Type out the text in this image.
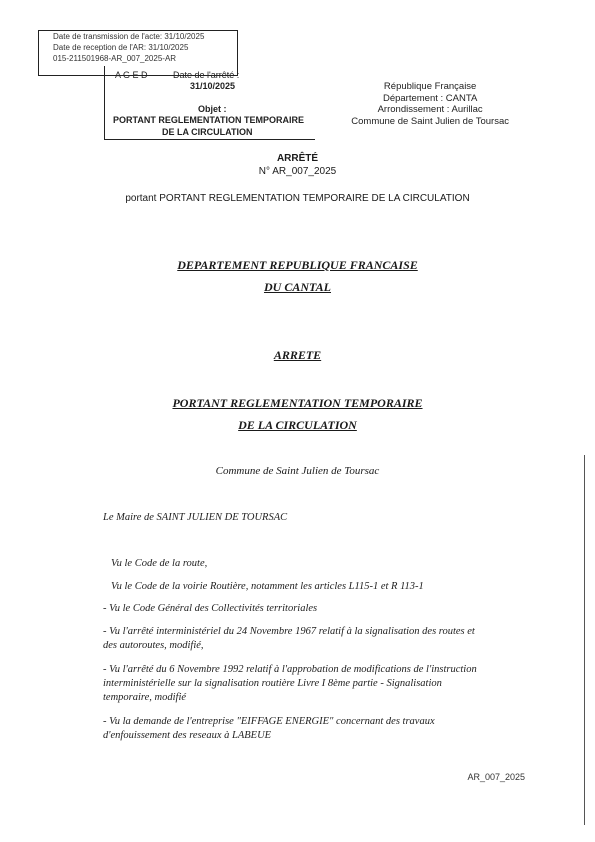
Date de transmission de l'acte: 31/10/2025
Date de reception de l'AR: 31/10/2025
015-211501968-AR_007_2025-AR
A G E D	Date de l'arrêté :
31/10/2025
Objet :
PORTANT REGLEMENTATION TEMPORAIRE
DE LA CIRCULATION
République Française
Département : CANTA
Arrondissement : Aurillac
Commune de Saint Julien de Toursac
ARRÊTÉ
N° AR_007_2025
portant PORTANT REGLEMENTATION TEMPORAIRE DE LA CIRCULATION
DEPARTEMENT REPUBLIQUE FRANCAISE
DU CANTAL
ARRETE
PORTANT REGLEMENTATION TEMPORAIRE
DE LA CIRCULATION
Commune de Saint Julien de Toursac
Le Maire de SAINT JULIEN DE TOURSAC
Vu le Code de la route,
Vu le Code de la voirie Routière, notamment les articles L115-1 et R 113-1
- Vu le Code Général des Collectivités territoriales
- Vu l'arrêté interministériel du 24 Novembre 1967 relatif à la signalisation des routes et
des autoroutes, modifié,
- Vu l'arrêté du 6 Novembre 1992 relatif à l'approbation de modifications de l'instruction
interministérielle sur la signalisation routière Livre I 8ème partie - Signalisation
temporaire, modifié
- Vu la demande de l'entreprise "EIFFAGE ENERGIE" concernant des travaux
d'enfouissement des reseaux à LABEUE
AR_007_2025
